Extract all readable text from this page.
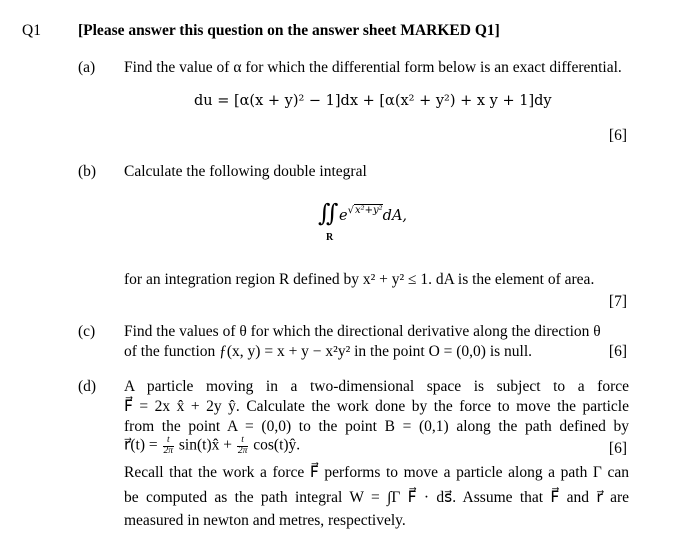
Q1 [Please answer this question on the answer sheet MARKED Q1]
(a) Find the value of α for which the differential form below is an exact differential.
du = [α(x + y)² − 1]dx + [α(x² + y²) + x y + 1]dy
[6]
(b) Calculate the following double integral
∬ $e^{√x^2+y^2}dA$,
R
for an integration region R defined by x² + y² ≤ 1. dA is the element of area.
[7]
(c) Find the values of θ for which the directional derivative along the direction θ
of the function ƒ(x, y) = x + y − x²y² in the point O = (0,0) is null.	[6]
(d) A particle moving in a two-dimensional space is subject to a force
F⃗ = 2x x̂ + 2y ŷ. Calculate the work done by the force to move the particle
from the point A = (0,0) to the point B = (0,1) along the path defined by
r⃗(t) = $\frac{t}{2\pi}$ sin(t)x̂ + $\frac{t}{2\pi}$ cos(t)ŷ.	[6]
Recall that the work a force F⃗ performs to move a particle along a path Γ can
be computed as the path integral W = ∫Γ F⃗ · ds⃗. Assume that F⃗ and r⃗ are
measured in newton and metres, respectively.
